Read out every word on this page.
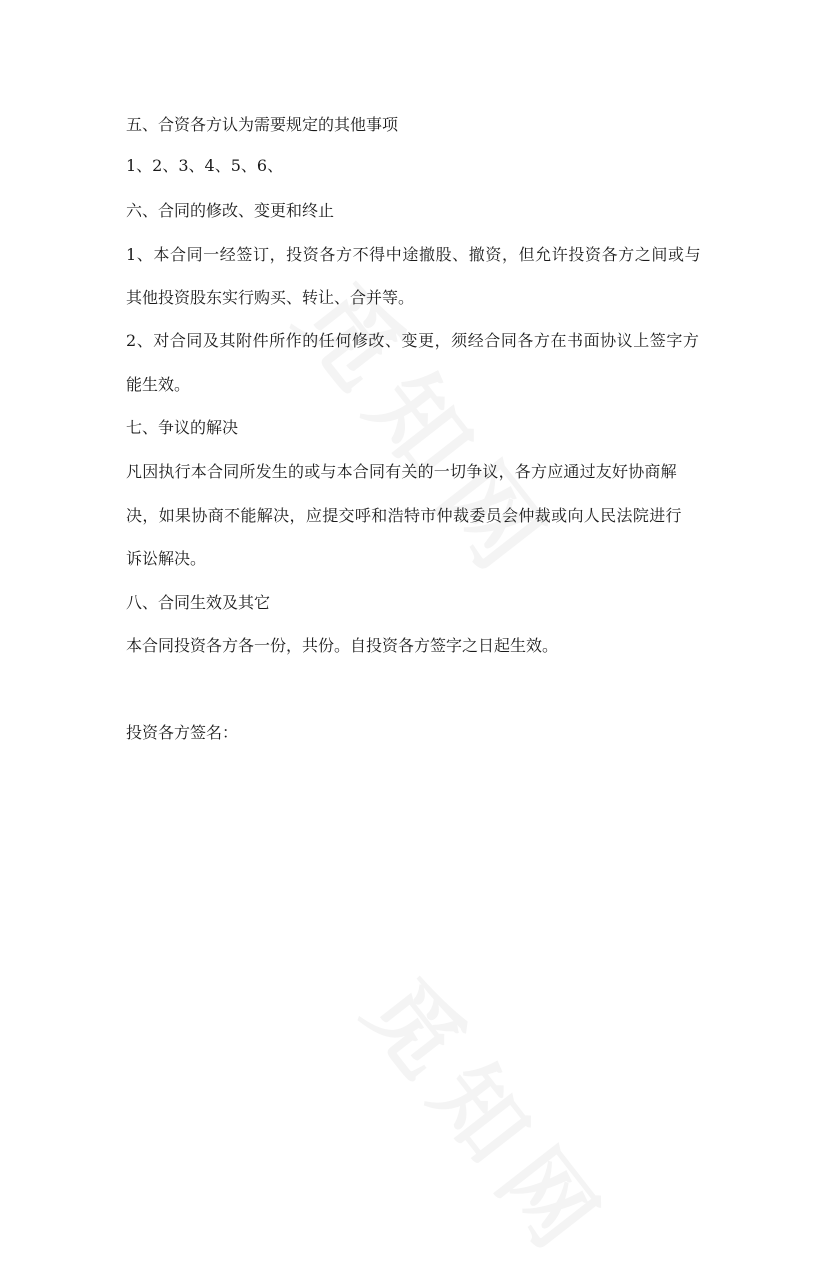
五、合资各方认为需要规定的其他事项
1、2、3、4、5、6、
六、合同的修改、变更和终止
1、本合同一经签订，投资各方不得中途撤股、撤资，但允许投资各方之间或与
其他投资股东实行购买、转让、合并等。
2、对合同及其附件所作的任何修改、变更，须经合同各方在书面协议上签字方
能生效。
七、争议的解决
凡因执行本合同所发生的或与本合同有关的一切争议，各方应通过友好协商解
决，如果协商不能解决，应提交呼和浩特市仲裁委员会仲裁或向人民法院进行
诉讼解决。
八、合同生效及其它
本合同投资各方各一份，共份。自投资各方签字之日起生效。
投资各方签名：
